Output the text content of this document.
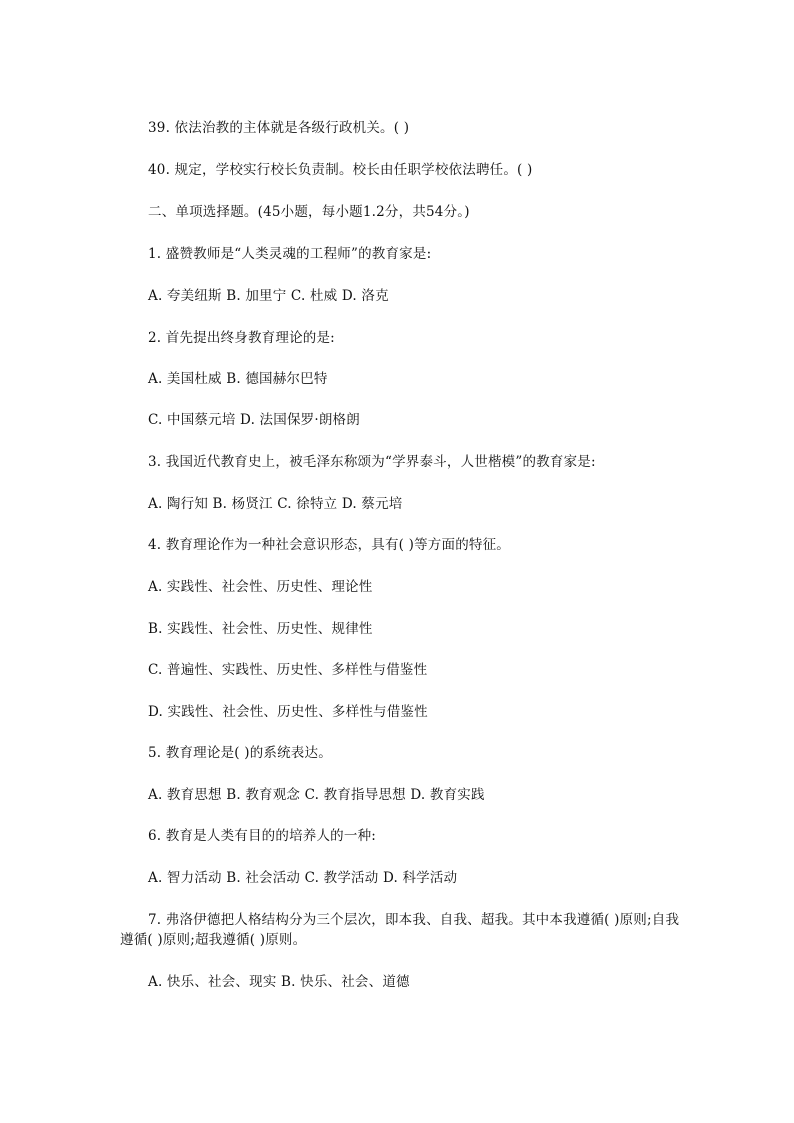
39. 依法治教的主体就是各级行政机关。( )
40. 规定，学校实行校长负责制。校长由任职学校依法聘任。( )
二、单项选择题。(45小题，每小题1.2分，共54分。)
1. 盛赞教师是“人类灵魂的工程师”的教育家是:
A. 夸美纽斯 B. 加里宁 C. 杜威 D. 洛克
2. 首先提出终身教育理论的是:
A. 美国杜威 B. 德国赫尔巴特
C. 中国蔡元培 D. 法国保罗·朗格朗
3. 我国近代教育史上，被毛泽东称颂为“学界泰斗，人世楷模”的教育家是:
A. 陶行知 B. 杨贤江 C. 徐特立 D. 蔡元培
4. 教育理论作为一种社会意识形态，具有( )等方面的特征。
A. 实践性、社会性、历史性、理论性
B. 实践性、社会性、历史性、规律性
C. 普遍性、实践性、历史性、多样性与借鉴性
D. 实践性、社会性、历史性、多样性与借鉴性
5. 教育理论是( )的系统表达。
A. 教育思想 B. 教育观念 C. 教育指导思想 D. 教育实践
6. 教育是人类有目的的培养人的一种:
A. 智力活动 B. 社会活动 C. 教学活动 D. 科学活动
7. 弗洛伊德把人格结构分为三个层次，即本我、自我、超我。其中本我遵循( )原则;自我遵循( )原则;超我遵循( )原则。
A. 快乐、社会、现实 B. 快乐、社会、道德
